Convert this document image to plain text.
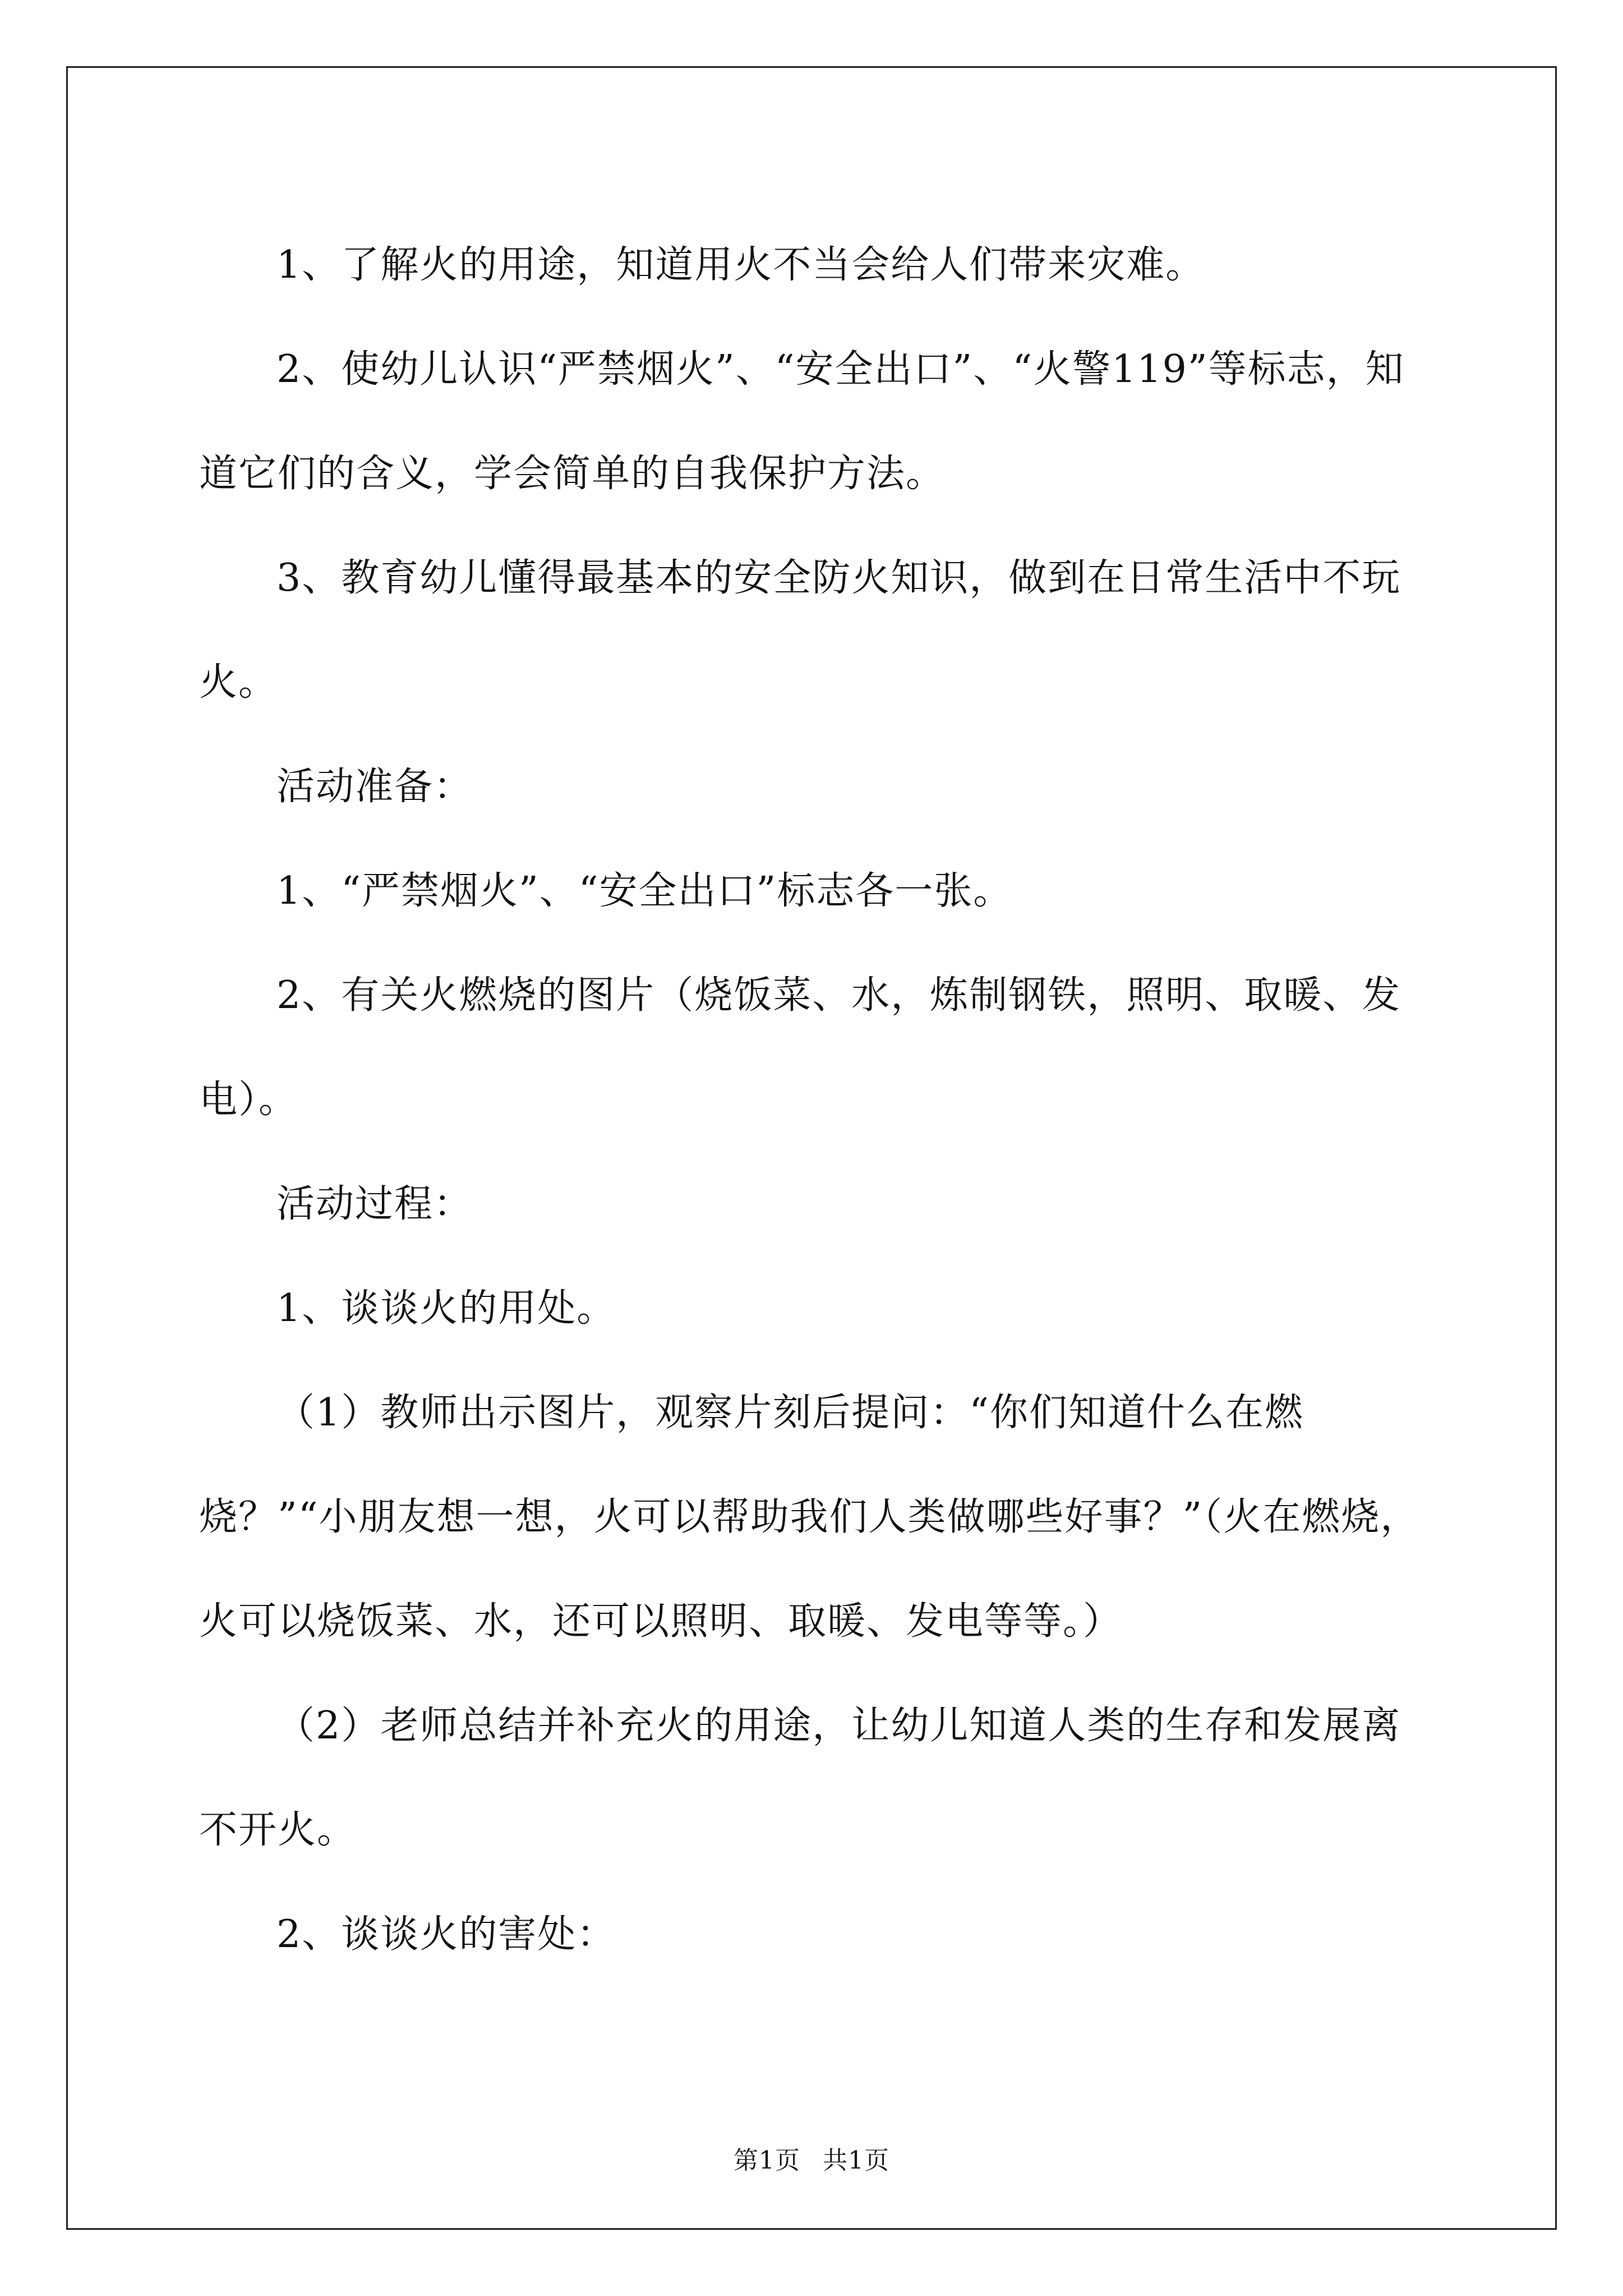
1、了解火的用途，知道用火不当会给人们带来灾难。

2、使幼儿认识“严禁烟火”、“安全出口”、“火警119”等标志，知道它们的含义，学会简单的自我保护方法。

3、教育幼儿懂得最基本的安全防火知识，做到在日常生活中不玩火。

活动准备：

1、“严禁烟火”、“安全出口”标志各一张。

2、有关火燃烧的图片（烧饭菜、水，炼制钢铁，照明、取暖、发电）。

活动过程：

1、谈谈火的用处。

（1）教师出示图片，观察片刻后提问：“你们知道什么在燃烧？”“小朋友想一想，火可以帮助我们人类做哪些好事？”（火在燃烧，火可以烧饭菜、水，还可以照明、取暖、发电等等。）

（2）老师总结并补充火的用途，让幼儿知道人类的生存和发展离不开火。

2、谈谈火的害处：

第1页 共1页
